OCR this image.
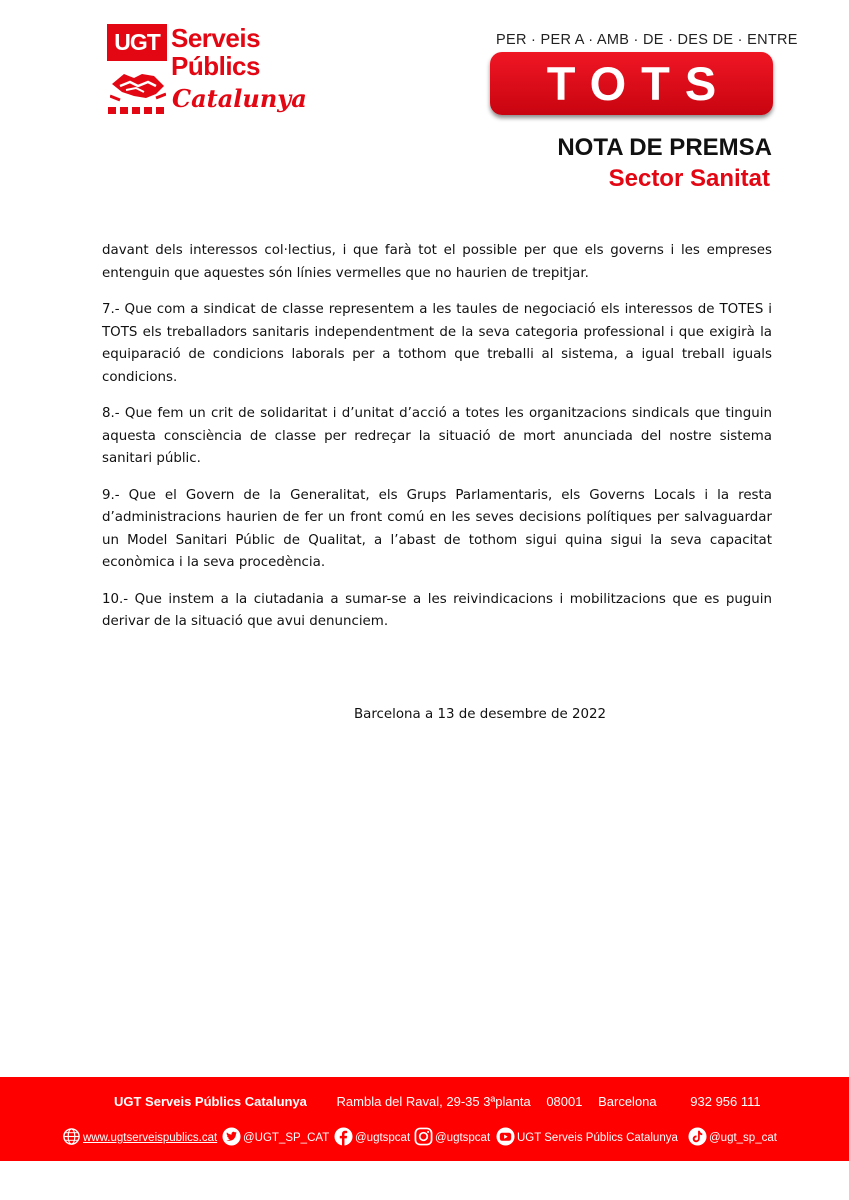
UGT Serveis
Públics
Catalunya
PER · PER A · AMB · DE · DES DE · ENTRE
TOTS
NOTA DE PREMSA
Sector Sanitat

davant dels interessos col·lectius, i que farà tot el possible per que els governs i les empreses entenguin que aquestes són línies vermelles que no haurien de trepitjar.

7.- Que com a sindicat de classe representem a les taules de negociació els interessos de TOTES i TOTS els treballadors sanitaris independentment de la seva categoria professional i que exigirà la equiparació de condicions laborals per a tothom que treballi al sistema, a igual treball iguals condicions.

8.- Que fem un crit de solidaritat i d’unitat d’acció a totes les organitzacions sindicals que tinguin aquesta consciència de classe per redreçar la situació de mort anunciada del nostre sistema sanitari públic.

9.- Que el Govern de la Generalitat, els Grups Parlamentaris, els Governs Locals i la resta d’administracions haurien de fer un front comú en les seves decisions polítiques per salvaguardar un Model Sanitari Públic de Qualitat, a l’abast de tothom sigui quina sigui la seva capacitat econòmica i la seva procedència.

10.- Que instem a la ciutadania a sumar-se a les reivindicacions i mobilitzacions que es puguin derivar de la situació que avui denunciem.

Barcelona a 13 de desembre de 2022
UGT Serveis Públics Catalunya Rambla del Raval, 29-35 3ªplanta 08001 Barcelona	932 956 111
www.ugtserveispublics.cat @UGT_SP_CAT @ugtspcat @ugtspcat UGT Serveis Públics Catalunya	@ugt_sp_cat
